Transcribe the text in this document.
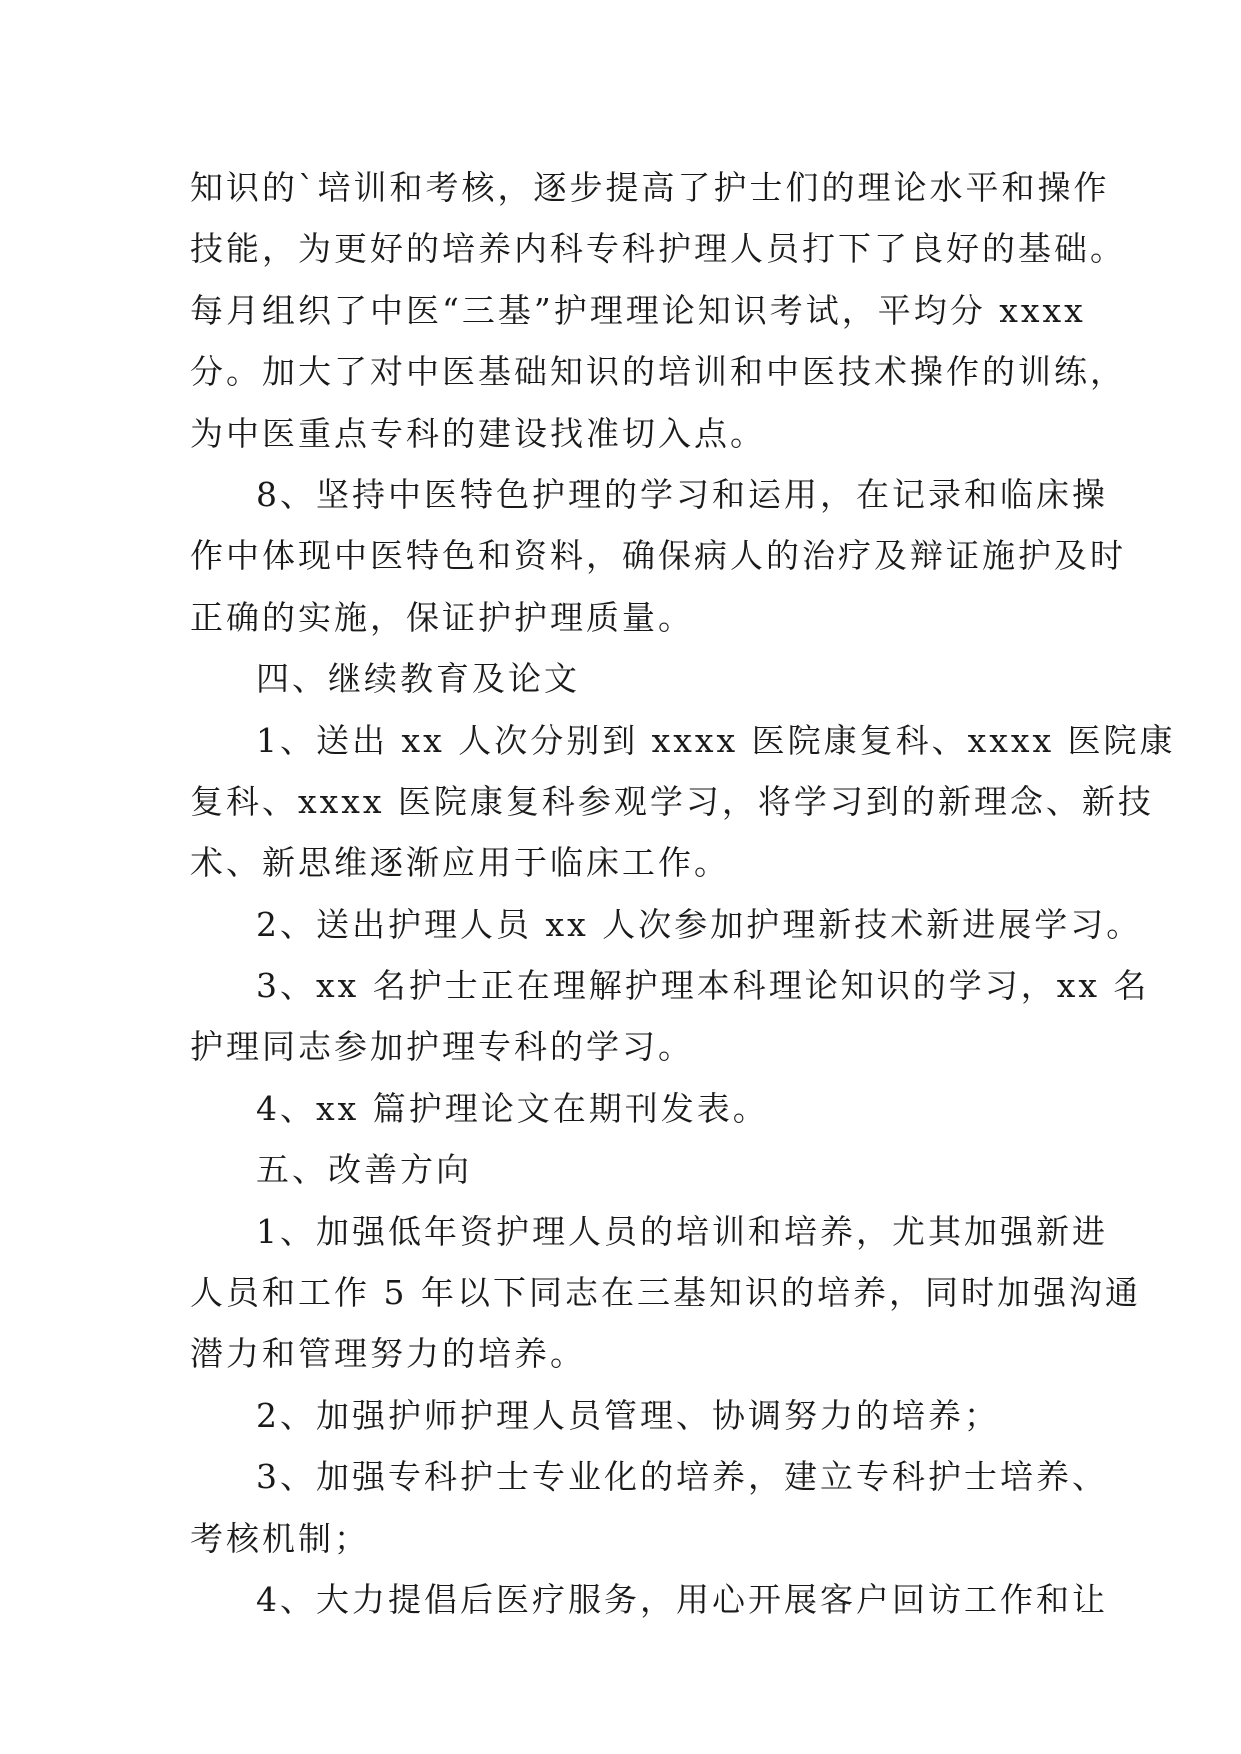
知识的`培训和考核，逐步提高了护士们的理论水平和操作
技能，为更好的培养内科专科护理人员打下了良好的基础。
每月组织了中医“三基”护理理论知识考试，平均分 xxxx
分。加大了对中医基础知识的培训和中医技术操作的训练，
为中医重点专科的建设找准切入点。
8、坚持中医特色护理的学习和运用，在记录和临床操
作中体现中医特色和资料，确保病人的治疗及辩证施护及时
正确的实施，保证护护理质量。
四、继续教育及论文
1、送出 xx 人次分别到 xxxx 医院康复科、xxxx 医院康
复科、xxxx 医院康复科参观学习，将学习到的新理念、新技
术、新思维逐渐应用于临床工作。
2、送出护理人员 xx 人次参加护理新技术新进展学习。
3、xx 名护士正在理解护理本科理论知识的学习，xx 名
护理同志参加护理专科的学习。
4、xx 篇护理论文在期刊发表。
五、改善方向
1、加强低年资护理人员的培训和培养，尤其加强新进
人员和工作 5 年以下同志在三基知识的培养，同时加强沟通
潜力和管理努力的培养。
2、加强护师护理人员管理、协调努力的培养；
3、加强专科护士专业化的培养，建立专科护士培养、
考核机制；
4、大力提倡后医疗服务，用心开展客户回访工作和让
